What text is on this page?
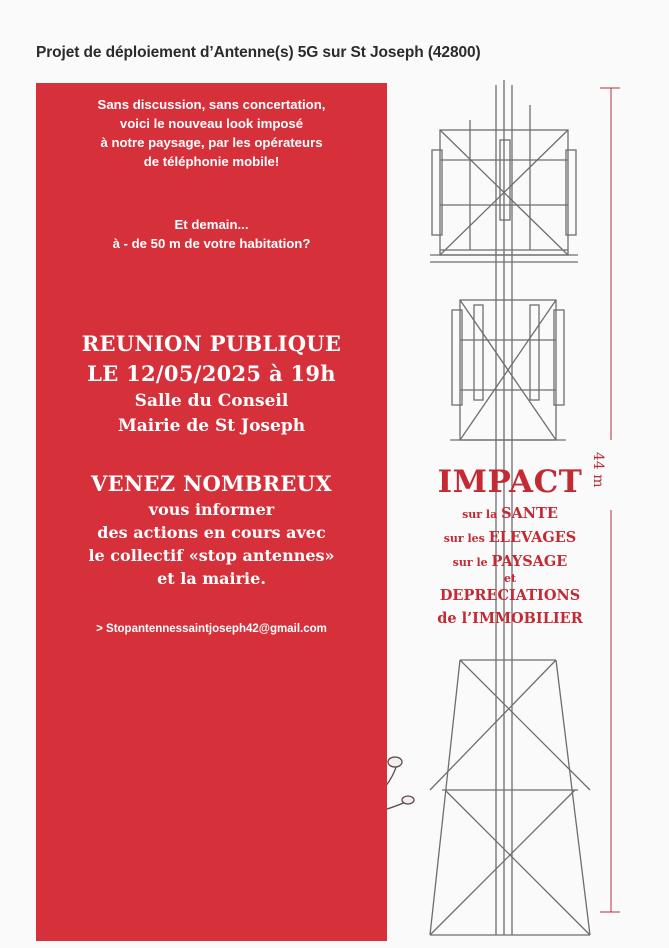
Projet de déploiement d’Antenne(s) 5G sur St Joseph (42800)
Sans discussion, sans concertation,
voici le nouveau look imposé
à notre paysage, par les opérateurs
de téléphonie mobile!
Et demain...
à - de 50 m de votre habitation?
REUNION PUBLIQUE
LE 12/05/2025 à 19h
Salle du Conseil
Mairie de St Joseph
VENEZ NOMBREUX
vous informer
des actions en cours avec
le collectif «stop antennes»
et la mairie.
> Stopantennessaintjoseph42@gmail.com
IMPACT
sur la SANTE
sur les ELEVAGES
sur le PAYSAGE
et
DEPRECIATIONS
de l’IMMOBILIER
44 m
